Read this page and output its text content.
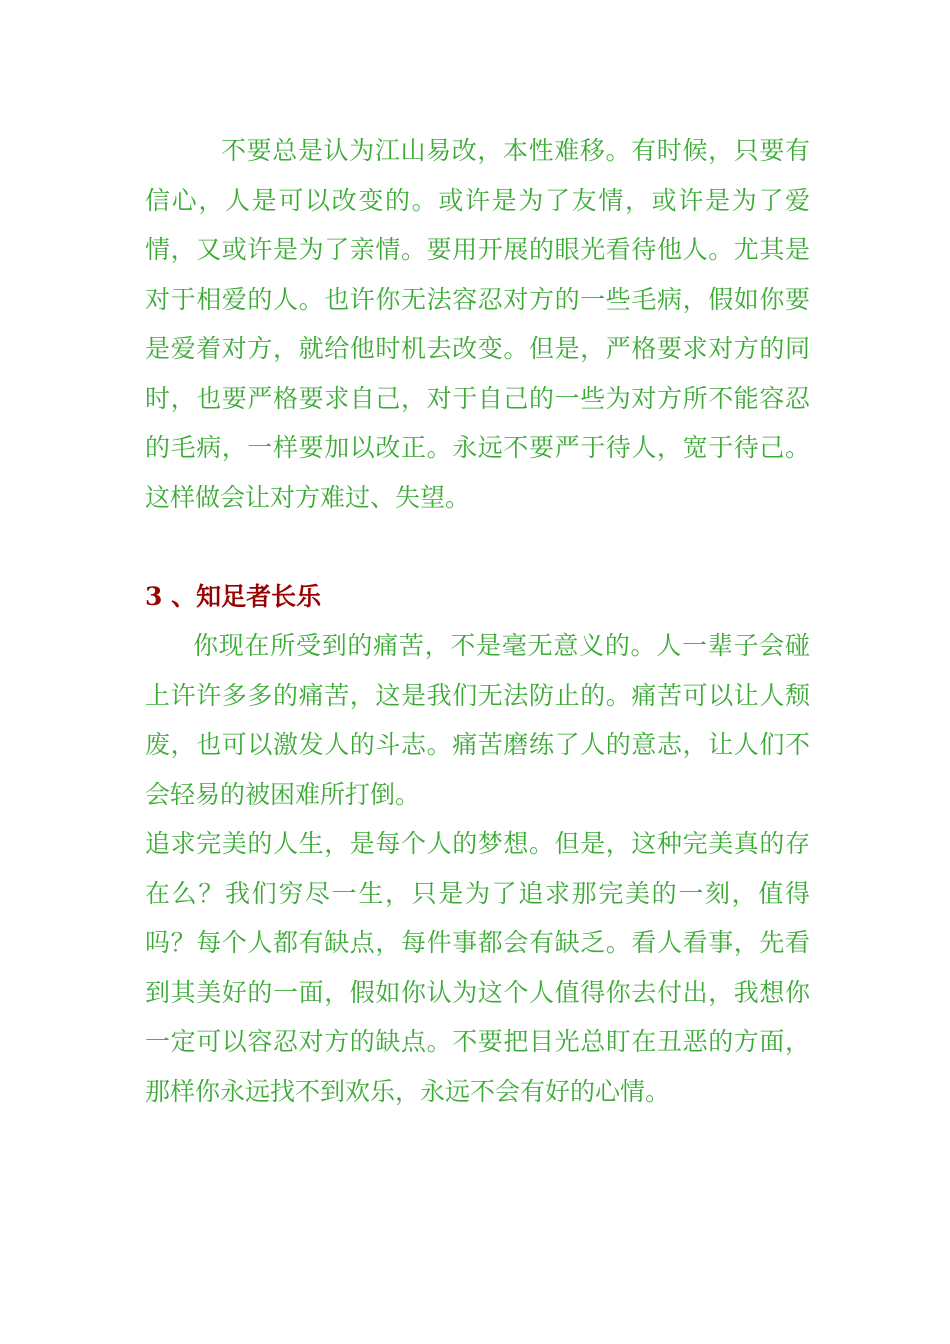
不要总是认为江山易改，本性难移。有时候，只要有信心，人是可以改变的。或许是为了友情，或许是为了爱情，又或许是为了亲情。要用开展的眼光看待他人。尤其是对于相爱的人。也许你无法容忍对方的一些毛病，假如你要是爱着对方，就给他时机去改变。但是，严格要求对方的同时，也要严格要求自己，对于自己的一些为对方所不能容忍的毛病，一样要加以改正。永远不要严于待人，宽于待己。这样做会让对方难过、失望。

3 、知足者长乐

你现在所受到的痛苦，不是毫无意义的。人一辈子会碰上许许多多的痛苦，这是我们无法防止的。痛苦可以让人颓废，也可以激发人的斗志。痛苦磨练了人的意志，让人们不会轻易的被困难所打倒。

追求完美的人生，是每个人的梦想。但是，这种完美真的存在么？我们穷尽一生，只是为了追求那完美的一刻，值得吗？每个人都有缺点，每件事都会有缺乏。看人看事，先看到其美好的一面，假如你认为这个人值得你去付出，我想你一定可以容忍对方的缺点。不要把目光总盯在丑恶的方面，那样你永远找不到欢乐，永远不会有好的心情。
